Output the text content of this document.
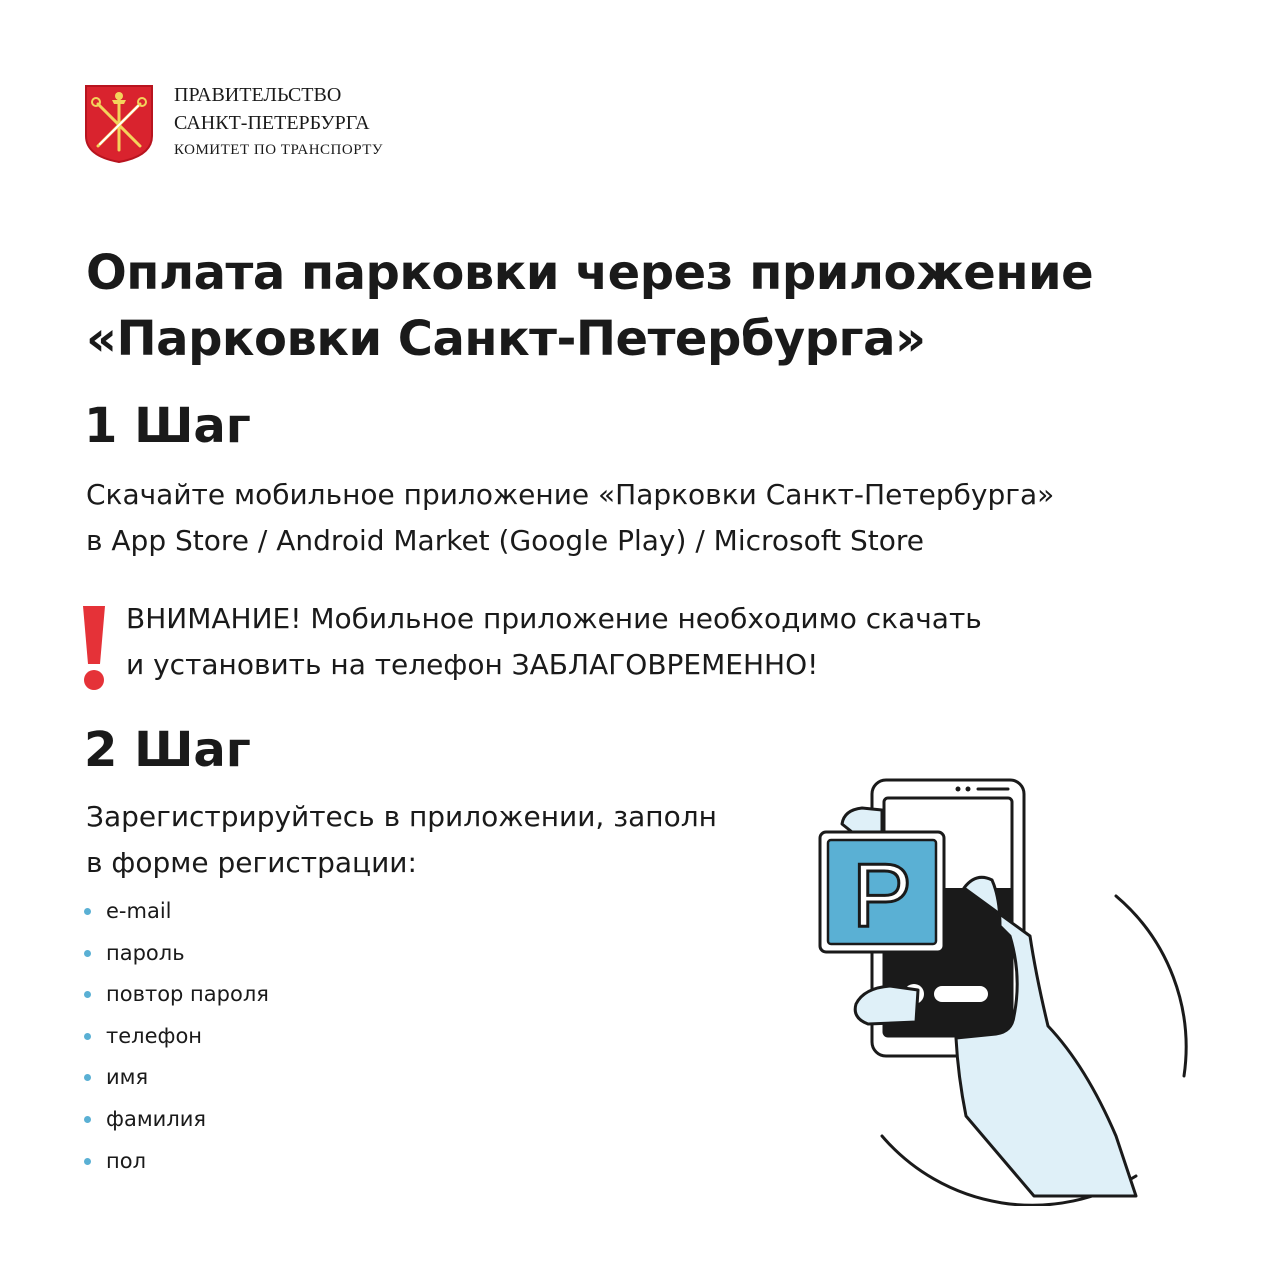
ПРАВИТЕЛЬСТВО
САНКТ-ПЕТЕРБУРГА
КОМИТЕТ ПО ТРАНСПОРТУ
Оплата парковки через приложение
«Парковки Санкт-Петербурга»
1 Шаг
Скачайте мобильное приложение «Парковки Санкт-Петербурга»
в App Store / Android Market (Google Play) / Microsoft Store
ВНИМАНИЕ! Мобильное приложение необходимо скачать
и установить на телефон ЗАБЛАГОВРЕМЕННО!
2 Шаг
Зарегистрируйтесь в приложении, заполн
в форме регистрации:
e-mail
пароль
повтор пароля
телефон
имя
фамилия
пол
P
